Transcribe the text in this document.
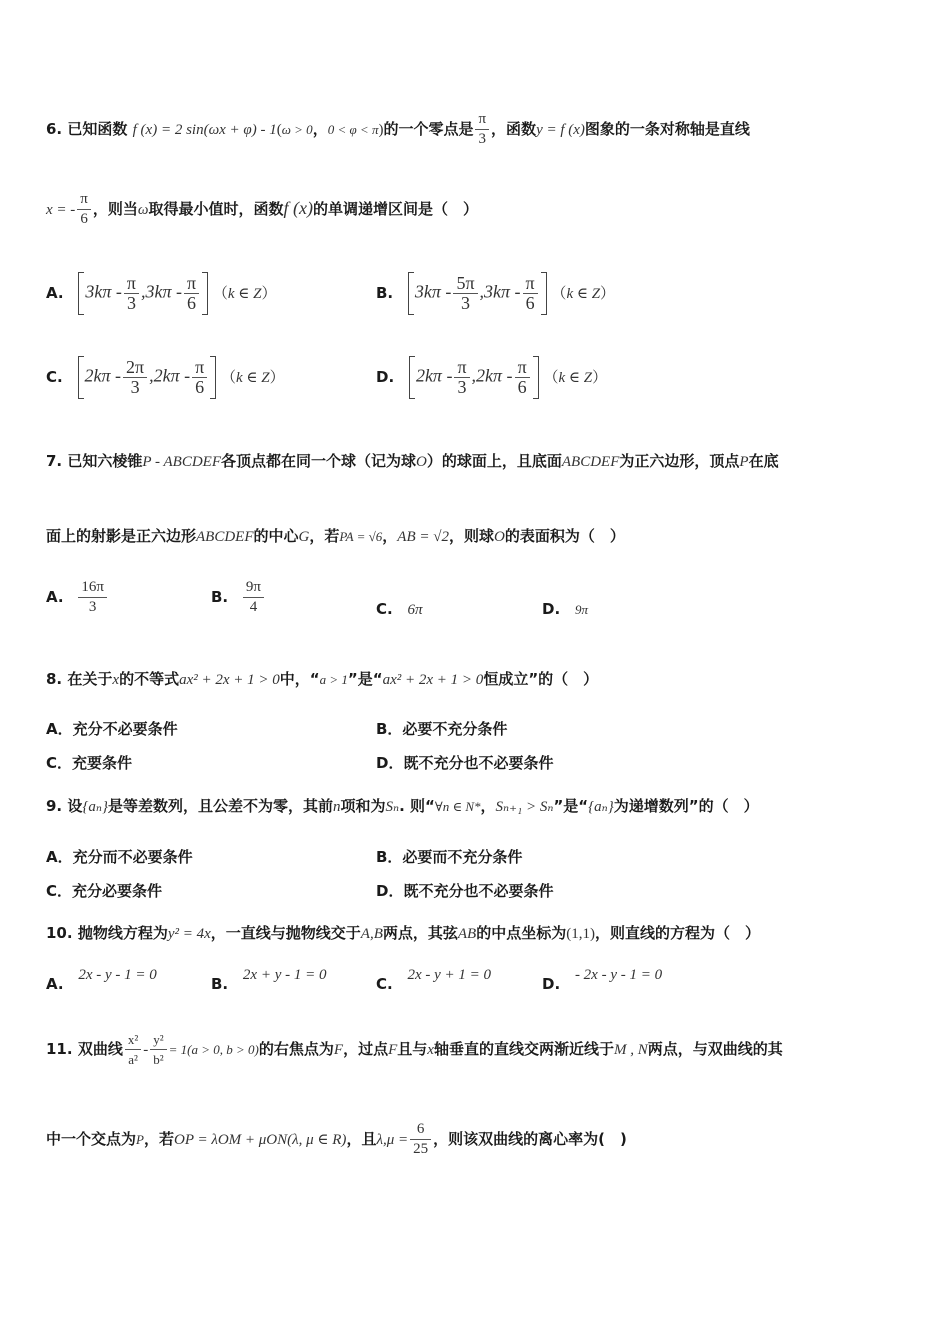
6. 已知函数 f (x) = 2 sin(ωx + φ) - 1(ω > 0，0 < φ < π)的一个零点是 $\frac{\pi}{3}$ ，函数y = f (x)图象的一条对称轴是直线
x = - $\frac{\pi}{6}$ ，则当ω取得最小值时，函数f (x)的单调递增区间是（　）
A. $3k\pi - \frac{\pi}{3} ,3k\pi - \frac{\pi}{6} (k$ ∈ Z）	B. $3k\pi - \frac{5\pi}{3} ,3k\pi - \frac{\pi}{6} (k$ ∈ Z）
C. $2k\pi - \frac{2\pi}{3} ,2k\pi - \frac{\pi}{6} (k$ ∈ Z）	D. $2k\pi - \frac{\pi}{3} ,2k\pi - \frac{\pi}{6} (k$ ∈ Z）
7. 已知六棱锥P - ABCDEF各顶点都在同一个球（记为球O）的球面上，且底面ABCDEF为正六边形，顶点P在底
面上的射影是正六边形ABCDEF的中心G，若PA = √6，AB = √2，则球O的表面积为（　）
A. $\frac{16\pi}{3}$	B. $\frac{9\pi}{4}$	C. 6π	D. 9π
8. 在关于x的不等式ax² + 2x + 1 > 0中，“a > 1”是“ax² + 2x + 1 > 0恒成立”的（　）
A．充分不必要条件	B．必要不充分条件
C．充要条件	D．既不充分也不必要条件
9. 设{aₙ}是等差数列，且公差不为零，其前n项和为Sₙ. 则“∀n ∈ N*，Sₙ₊₁ > Sₙ”是“{aₙ}为递增数列”的（　）
A．充分而不必要条件	B．必要而不充分条件
C．充分必要条件	D．既不充分也不必要条件
10. 抛物线方程为y² = 4x，一直线与抛物线交于A,B两点，其弦AB的中点坐标为(1,1)，则直线的方程为（　）
A. 2x - y - 1 = 0	B. 2x + y - 1 = 0	C. 2x - y + 1 = 0	D. - 2x - y - 1 = 0
11. 双曲线 $\frac{\text{x²}}{\text{a²}} - \frac{\text{y²}}{\text{b²}} = 1(a > 0$, b > 0)的右焦点为F，过点F且与x轴垂直的直线交两渐近线于M , N两点，与双曲线的其
中一个交点为P，若OP = λOM + μON(λ, μ ∈ R)，且$\lambda,\mu = \frac{6}{25}$ ，则该双曲线的离心率为(　)
